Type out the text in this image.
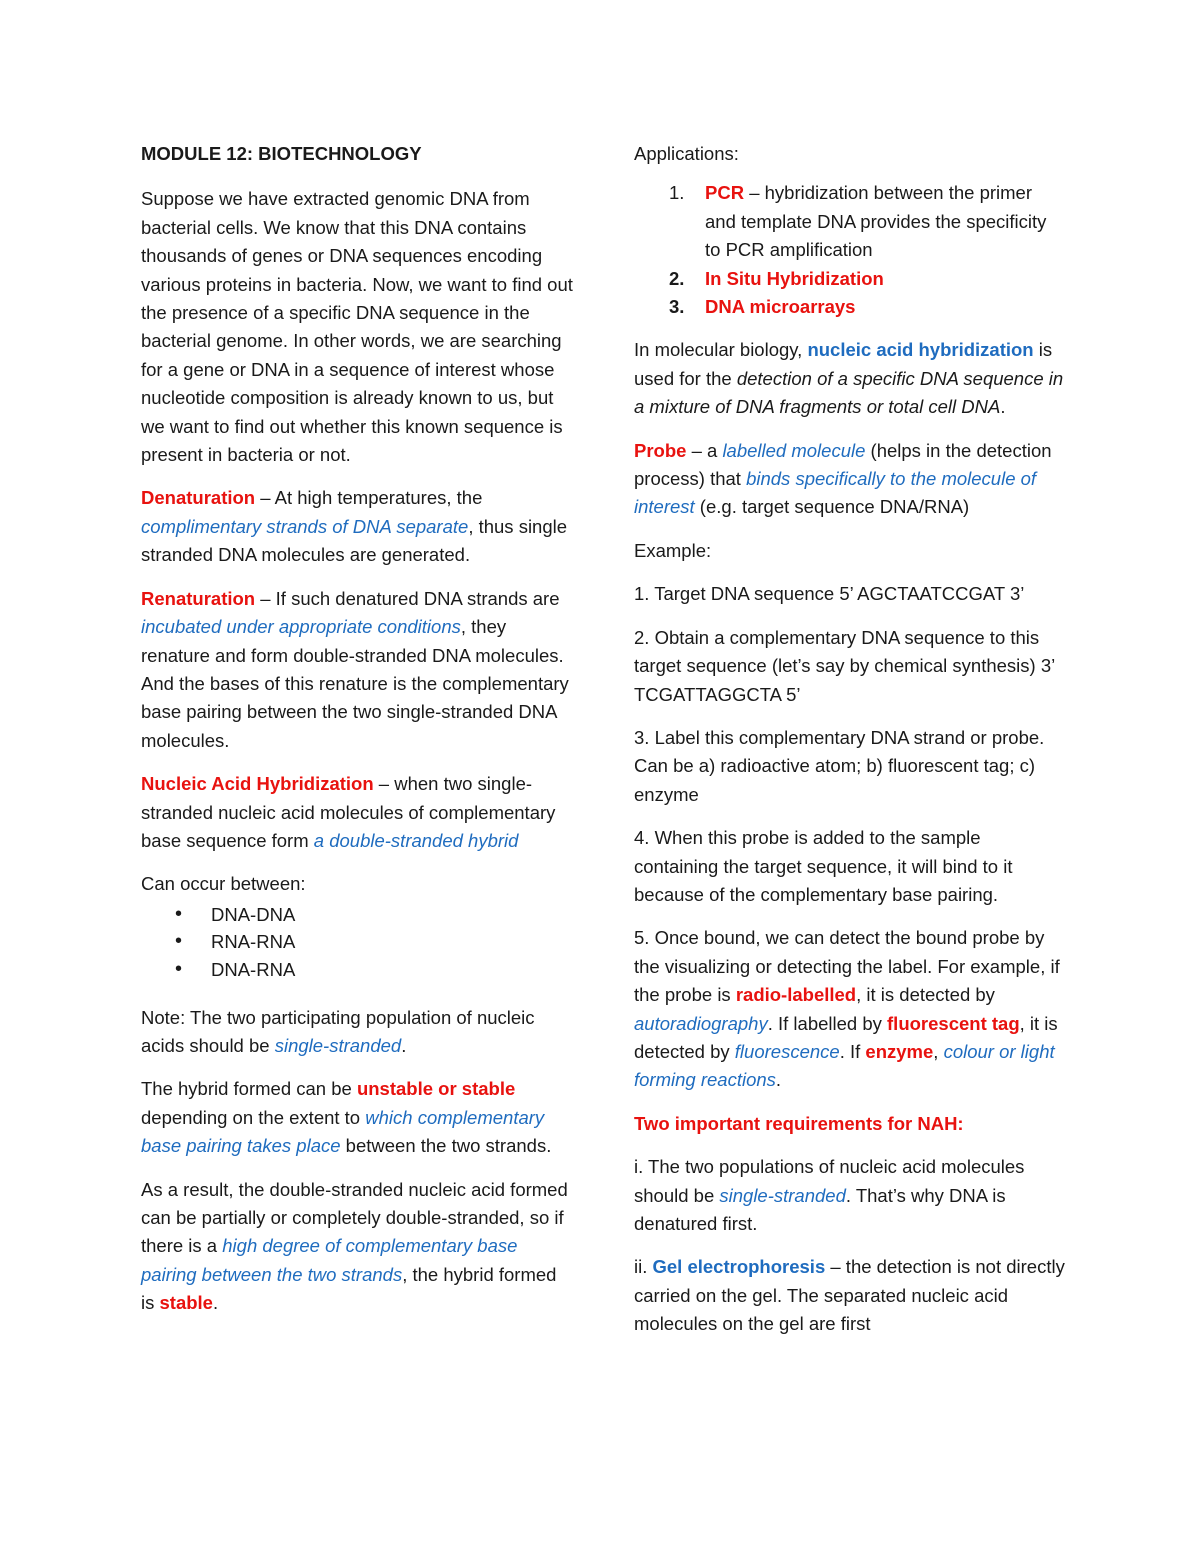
MODULE 12: BIOTECHNOLOGY

Suppose we have extracted genomic DNA from bacterial cells. We know that this DNA contains thousands of genes or DNA sequences encoding various proteins in bacteria. Now, we want to find out the presence of a specific DNA sequence in the bacterial genome. In other words, we are searching for a gene or DNA in a sequence of interest whose nucleotide composition is already known to us, but we want to find out whether this known sequence is present in bacteria or not.

Denaturation – At high temperatures, the complimentary strands of DNA separate, thus single stranded DNA molecules are generated.

Renaturation – If such denatured DNA strands are incubated under appropriate conditions, they renature and form double-stranded DNA molecules. And the bases of this renature is the complementary base pairing between the two single-stranded DNA molecules.

Nucleic Acid Hybridization – when two single-stranded nucleic acid molecules of complementary base sequence form a double-stranded hybrid

Can occur between:

• DNA-DNA
• RNA-RNA
• DNA-RNA

Note: The two participating population of nucleic acids should be single-stranded.

The hybrid formed can be unstable or stable depending on the extent to which complementary base pairing takes place between the two strands.

As a result, the double-stranded nucleic acid formed can be partially or completely double-stranded, so if there is a high degree of complementary base pairing between the two strands, the hybrid formed is stable.

Applications:

1. PCR – hybridization between the primer and template DNA provides the specificity to PCR amplification
2. In Situ Hybridization
3. DNA microarrays

In molecular biology, nucleic acid hybridization is used for the detection of a specific DNA sequence in a mixture of DNA fragments or total cell DNA.

Probe – a labelled molecule (helps in the detection process) that binds specifically to the molecule of interest (e.g. target sequence DNA/RNA)

Example:

1. Target DNA sequence 5’ AGCTAATCCGAT 3’

2. Obtain a complementary DNA sequence to this target sequence (let’s say by chemical synthesis) 3’ TCGATTAGGCTA 5’

3. Label this complementary DNA strand or probe. Can be a) radioactive atom; b) fluorescent tag; c) enzyme

4. When this probe is added to the sample containing the target sequence, it will bind to it because of the complementary base pairing.

5. Once bound, we can detect the bound probe by the visualizing or detecting the label. For example, if the probe is radio-labelled, it is detected by autoradiography. If labelled by fluorescent tag, it is detected by fluorescence. If enzyme, colour or light forming reactions.

Two important requirements for NAH:

i. The two populations of nucleic acid molecules should be single-stranded. That’s why DNA is denatured first.

ii. Gel electrophoresis – the detection is not directly carried on the gel. The separated nucleic acid molecules on the gel are first
